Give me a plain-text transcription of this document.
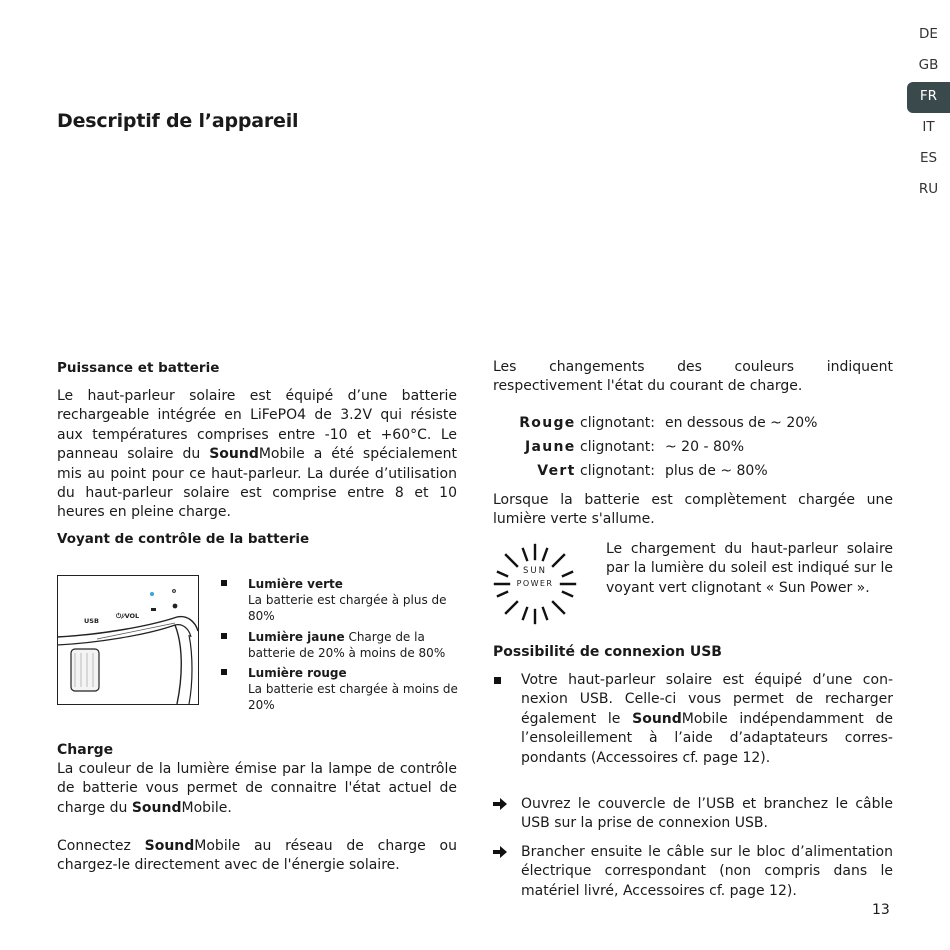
DE
GB
FR
IT
ES
RU
Descriptif de l’appareil
Puissance et batterie

Le haut-parleur solaire est équipé d’une batterie rechargeable intégrée en LiFePO4 de 3.2V qui résiste aux températures comprises entre -10 et +60°C. Le panneau solaire du SoundMobile a été spécialement mis au point pour ce haut-parleur. La durée d’utilisation du haut-parleur solaire est comprise entre 8 et 10 heures en pleine charge.

Voyant de contrôle de la batterie
USB
⏻/⁄VOL
Lumière verte
La batterie est chargée à plus de 80%
Lumière jaune Charge de la batterie de 20% à moins de 80%
Lumière rouge
La batterie est chargée à moins de 20%
Charge

La couleur de la lumière émise par la lampe de contrôle de batterie vous permet de connaitre l'état actuel de charge du SoundMobile.

Connectez SoundMobile au réseau de charge ou chargez-le directement avec de l'énergie solaire.

Les changements des couleurs indiquent respectivement l'état du courant de charge.

Rouge clignotant: en dessous de ~ 20%
Jaune clignotant: ~ 20 - 80%
Vert clignotant: plus de ~ 80%

Lorsque la batterie est complètement chargée une lumière verte s'allume.

SUN
POWER

Le chargement du haut-parleur solaire par la lumière du soleil est indiqué sur le voyant vert clignotant « Sun Power ».

Possibilité de connexion USB

Votre haut-parleur solaire est équipé d’une con- nexion USB. Celle-ci vous permet de recharger également le SoundMobile indépendamment de l’ensoleillement à l’aide d’adaptateurs corres- pondants (Accessoires cf. page 12).

Ouvrez le couvercle de l’USB et branchez le câble USB sur la prise de connexion USB.

Brancher ensuite le câble sur le bloc d’alimentation électrique correspondant (non compris dans le matériel livré, Accessoires cf. page 12).

13
